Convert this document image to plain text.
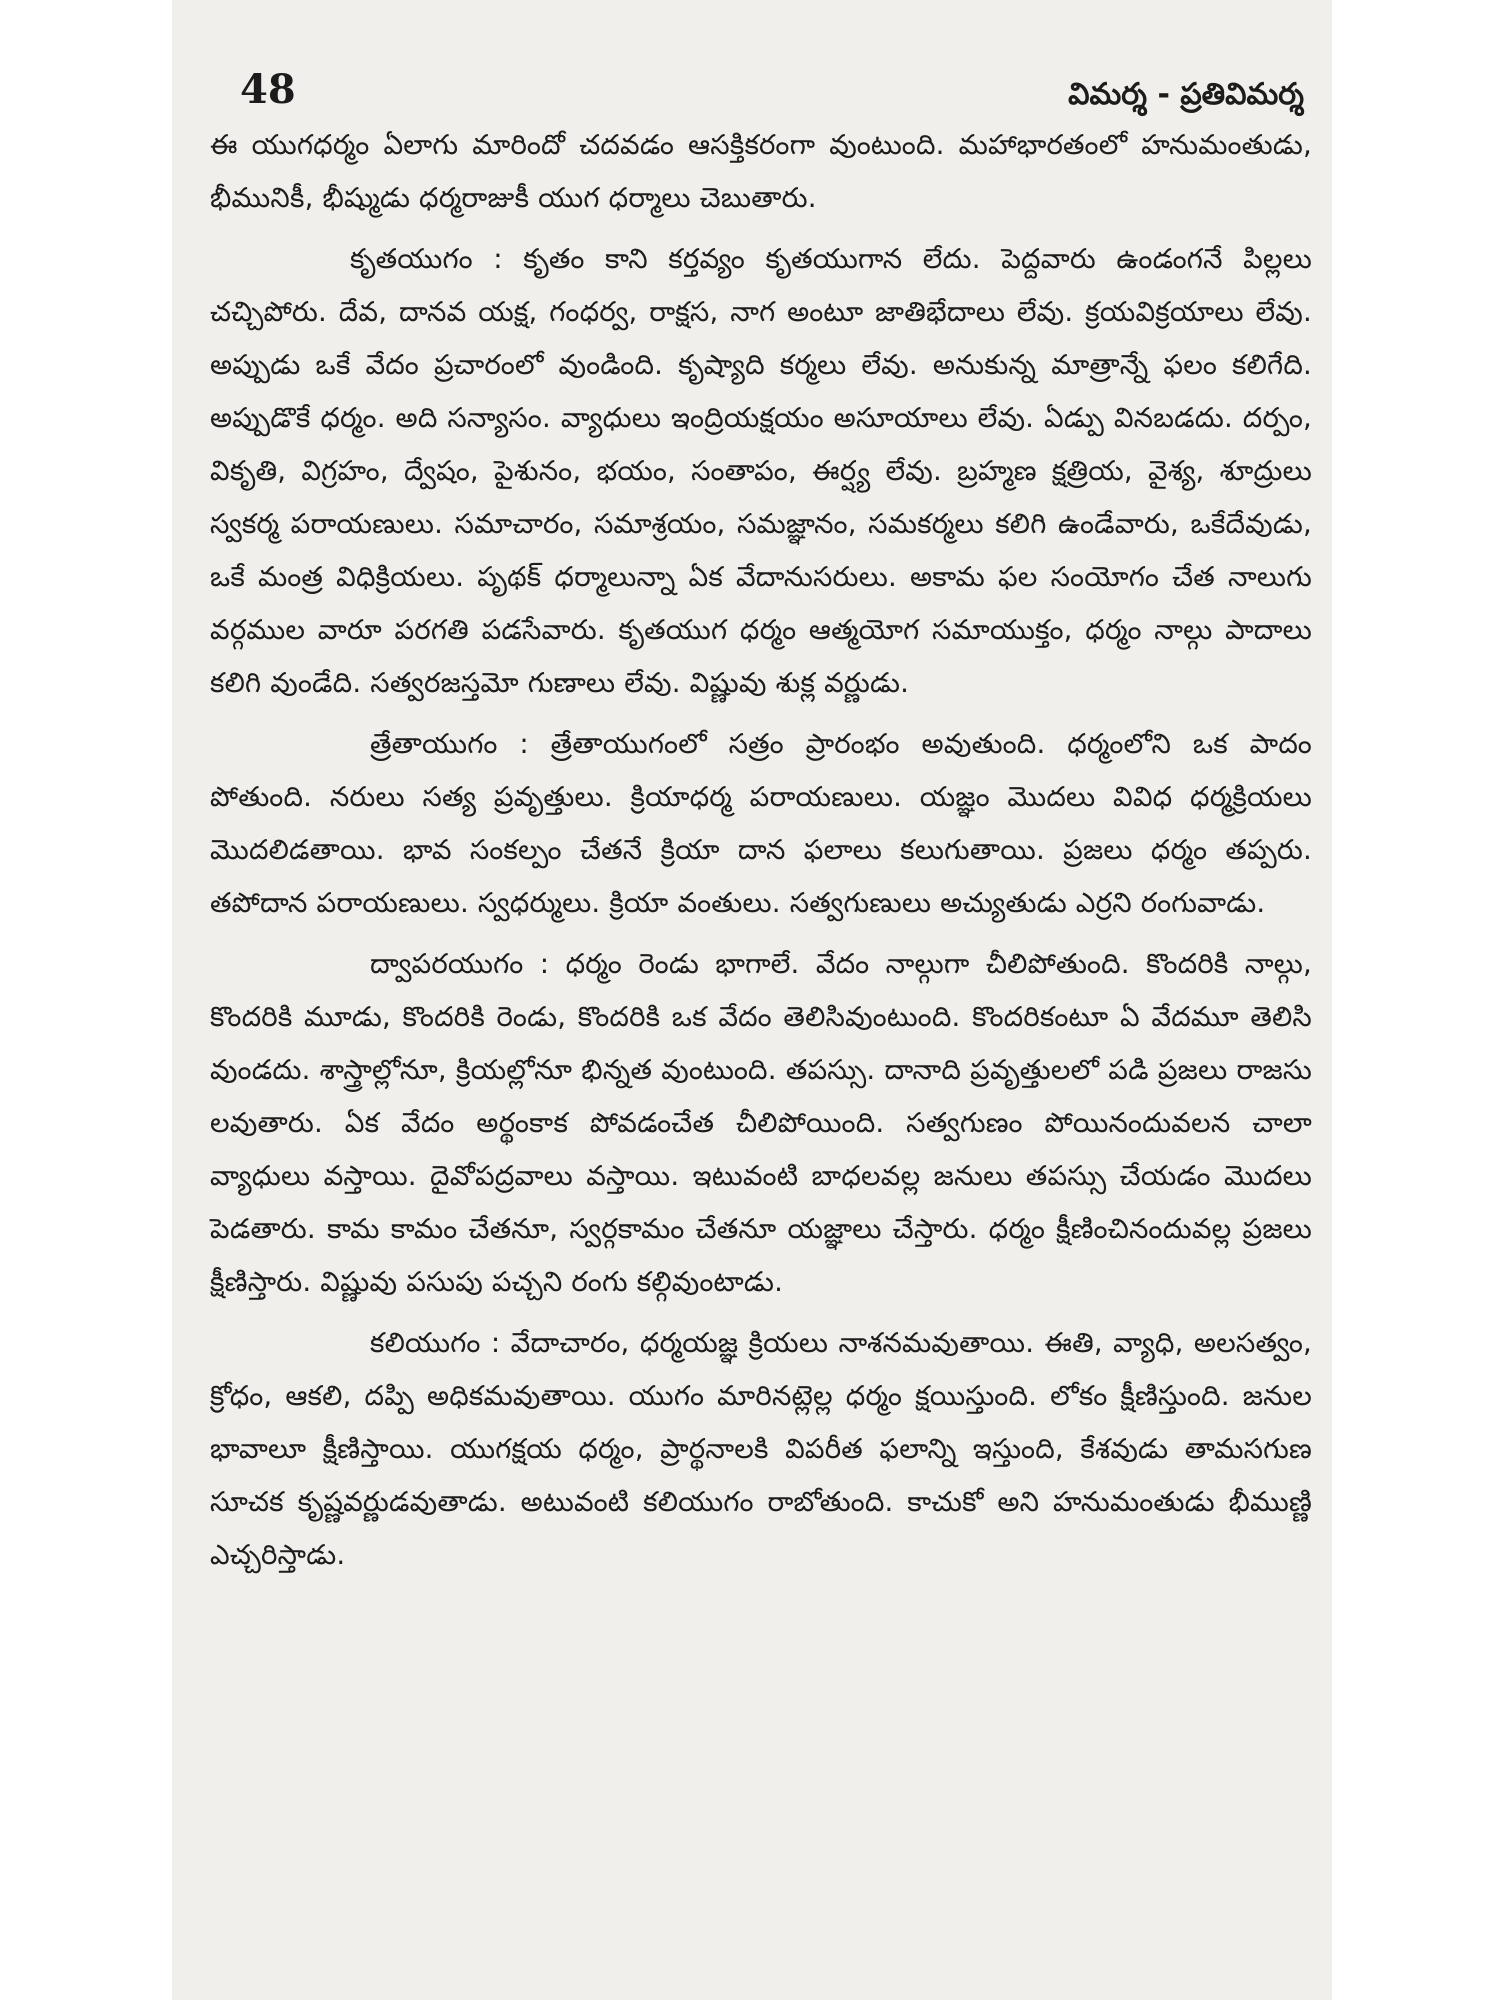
48	విమర్శ - ప్రతివిమర్శ

ఈ యుగధర్మం ఏలాగు మారిందో చదవడం ఆసక్తికరంగా వుంటుంది. మహాభారతంలో హనుమంతుడు, భీమునికీ, భీష్ముడు ధర్మరాజుకీ యుగ ధర్మాలు చెబుతారు.

కృతయుగం : కృతం కాని కర్తవ్యం కృతయుగాన లేదు. పెద్దవారు ఉండంగనే పిల్లలు చచ్చిపోరు. దేవ, దానవ యక్ష, గంధర్వ, రాక్షస, నాగ అంటూ జాతిభేదాలు లేవు. క్రయవిక్రయాలు లేవు. అప్పుడు ఒకే వేదం ప్రచారంలో వుండింది. కృష్యాది కర్మలు లేవు. అనుకున్న మాత్రాన్నే ఫలం కలిగేది. అప్పుడొకే ధర్మం. అది సన్యాసం. వ్యాధులు ఇంద్రియక్షయం అసూయాలు లేవు. ఏడ్పు వినబడదు. దర్పం, వికృతి, విగ్రహం, ద్వేషం, పైశునం, భయం, సంతాపం, ఈర్ష్య లేవు. బ్రహ్మణ క్షత్రియ, వైశ్య, శూద్రులు స్వకర్మ పరాయణులు. సమాచారం, సమాశ్రయం, సమజ్ఞానం, సమకర్మలు కలిగి ఉండేవారు, ఒకేదేవుడు, ఒకే మంత్ర విధిక్రియలు. పృథక్ ధర్మాలున్నా ఏక వేదానుసరులు. అకామ ఫల సంయోగం చేత నాలుగు వర్గముల వారూ పరగతి పడసేవారు. కృతయుగ ధర్మం ఆత్మయోగ సమాయుక్తం, ధర్మం నాల్గు పాదాలు కలిగి వుండేది. సత్వరజస్తమో గుణాలు లేవు. విష్ణువు శుక్ల వర్ణుడు.

త్రేతాయుగం : త్రేతాయుగంలో సత్రం ప్రారంభం అవుతుంది. ధర్మంలోని ఒక పాదం పోతుంది. నరులు సత్య ప్రవృత్తులు. క్రియాధర్మ పరాయణులు. యజ్ఞం మొదలు వివిధ ధర్మక్రియలు మొదలిడతాయి. భావ సంకల్పం చేతనే క్రియా దాన ఫలాలు కలుగుతాయి. ప్రజలు ధర్మం తప్పరు. తపోదాన పరాయణులు. స్వధర్ములు. క్రియా వంతులు. సత్వగుణులు అచ్యుతుడు ఎర్రని రంగువాడు.

ద్వాపరయుగం : ధర్మం రెండు భాగాలే. వేదం నాల్గుగా చీలిపోతుంది. కొందరికి నాల్గు, కొందరికి మూడు, కొందరికి రెండు, కొందరికి ఒక వేదం తెలిసివుంటుంది. కొందరికంటూ ఏ వేదమూ తెలిసి వుండదు. శాస్త్రాల్లోనూ, క్రియల్లోనూ భిన్నత వుంటుంది. తపస్సు. దానాది ప్రవృత్తులలో పడి ప్రజలు రాజసు లవుతారు. ఏక వేదం అర్థంకాక పోవడంచేత చీలిపోయింది. సత్వగుణం పోయినందువలన చాలా వ్యాధులు వస్తాయి. దైవోపద్రవాలు వస్తాయి. ఇటువంటి బాధలవల్ల జనులు తపస్సు చేయడం మొదలు పెడతారు. కామ కామం చేతనూ, స్వర్గకామం చేతనూ యజ్ఞాలు చేస్తారు. ధర్మం క్షీణించినందువల్ల ప్రజలు క్షీణిస్తారు. విష్ణువు పసుపు పచ్చని రంగు కల్గివుంటాడు.

కలియుగం : వేదాచారం, ధర్మయజ్ఞ క్రియలు నాశనమవుతాయి. ఈతి, వ్యాధి, అలసత్వం, క్రోధం, ఆకలి, దప్పి అధికమవుతాయి. యుగం మారినట్లెల్ల ధర్మం క్షయిస్తుంది. లోకం క్షీణిస్తుంది. జనుల భావాలూ క్షీణిస్తాయి. యుగక్షయ ధర్మం, ప్రార్థనాలకి విపరీత ఫలాన్ని ఇస్తుంది, కేశవుడు తామసగుణ సూచక కృష్ణవర్ణుడవుతాడు. అటువంటి కలియుగం రాబోతుంది. కాచుకో అని హనుమంతుడు భీముణ్ణి ఎచ్చరిస్తాడు.
